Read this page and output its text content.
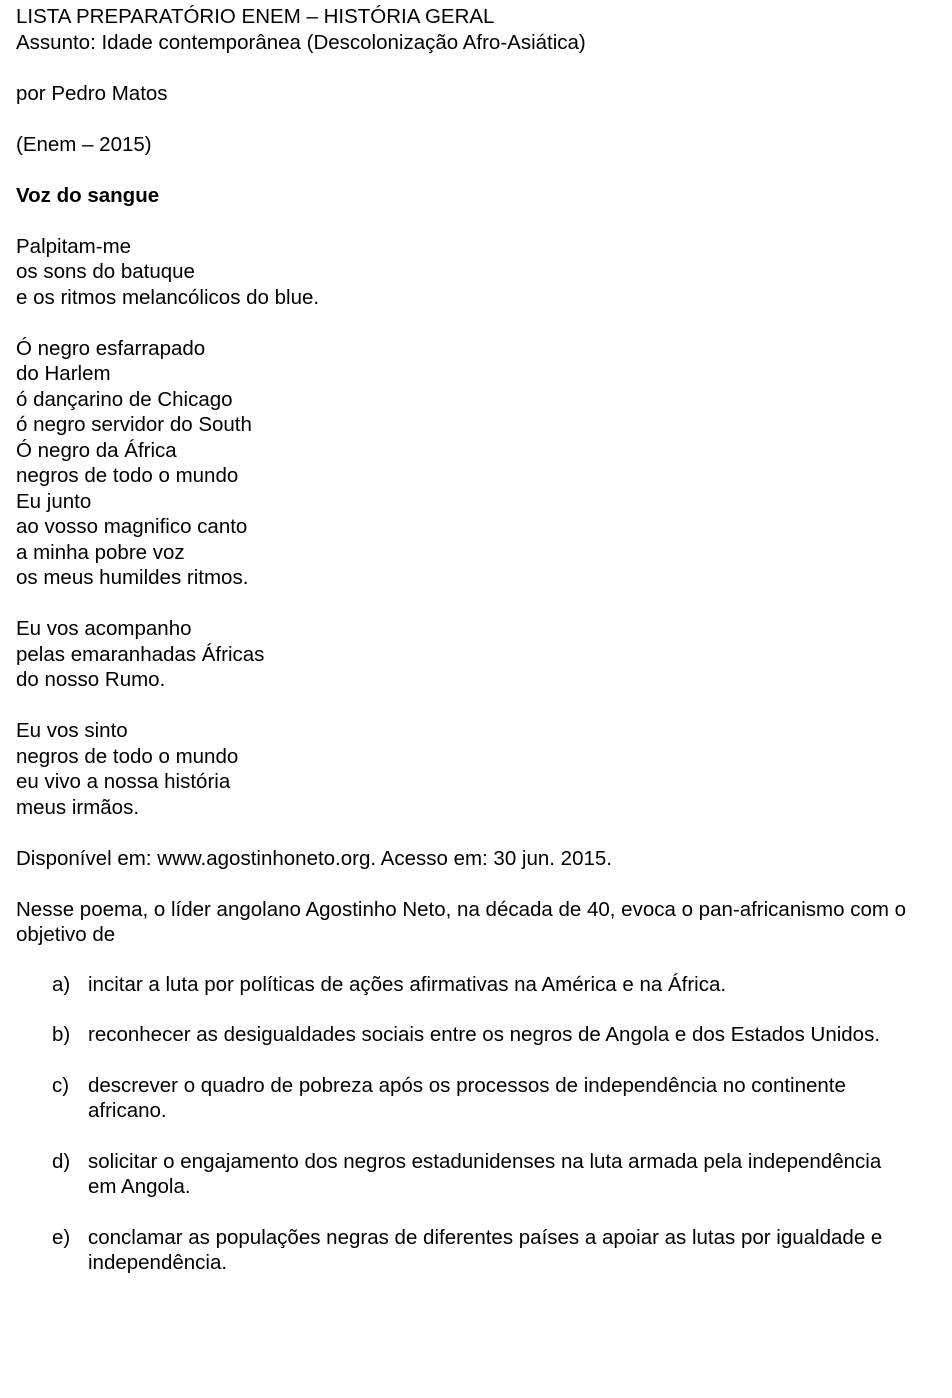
LISTA PREPARATÓRIO ENEM – HISTÓRIA GERAL
Assunto: Idade contemporânea (Descolonização Afro-Asiática)
por Pedro Matos
(Enem – 2015)
Voz do sangue
Palpitam-me
os sons do batuque
e os ritmos melancólicos do blue.
Ó negro esfarrapado
do Harlem
ó dançarino de Chicago
ó negro servidor do South
Ó negro da África
negros de todo o mundo
Eu junto
ao vosso magnifico canto
a minha pobre voz
os meus humildes ritmos.
Eu vos acompanho
pelas emaranhadas Áfricas
do nosso Rumo.
Eu vos sinto
negros de todo o mundo
eu vivo a nossa história
meus irmãos.
Disponível em: www.agostinhoneto.org. Acesso em: 30 jun. 2015.
Nesse poema, o líder angolano Agostinho Neto, na década de 40, evoca o pan-africanismo com o objetivo de
a) incitar a luta por políticas de ações afirmativas na América e na África.
b) reconhecer as desigualdades sociais entre os negros de Angola e dos Estados Unidos.
c) descrever o quadro de pobreza após os processos de independência no continente africano.
d) solicitar o engajamento dos negros estadunidenses na luta armada pela independência em Angola.
e) conclamar as populações negras de diferentes países a apoiar as lutas por igualdade e independência.
